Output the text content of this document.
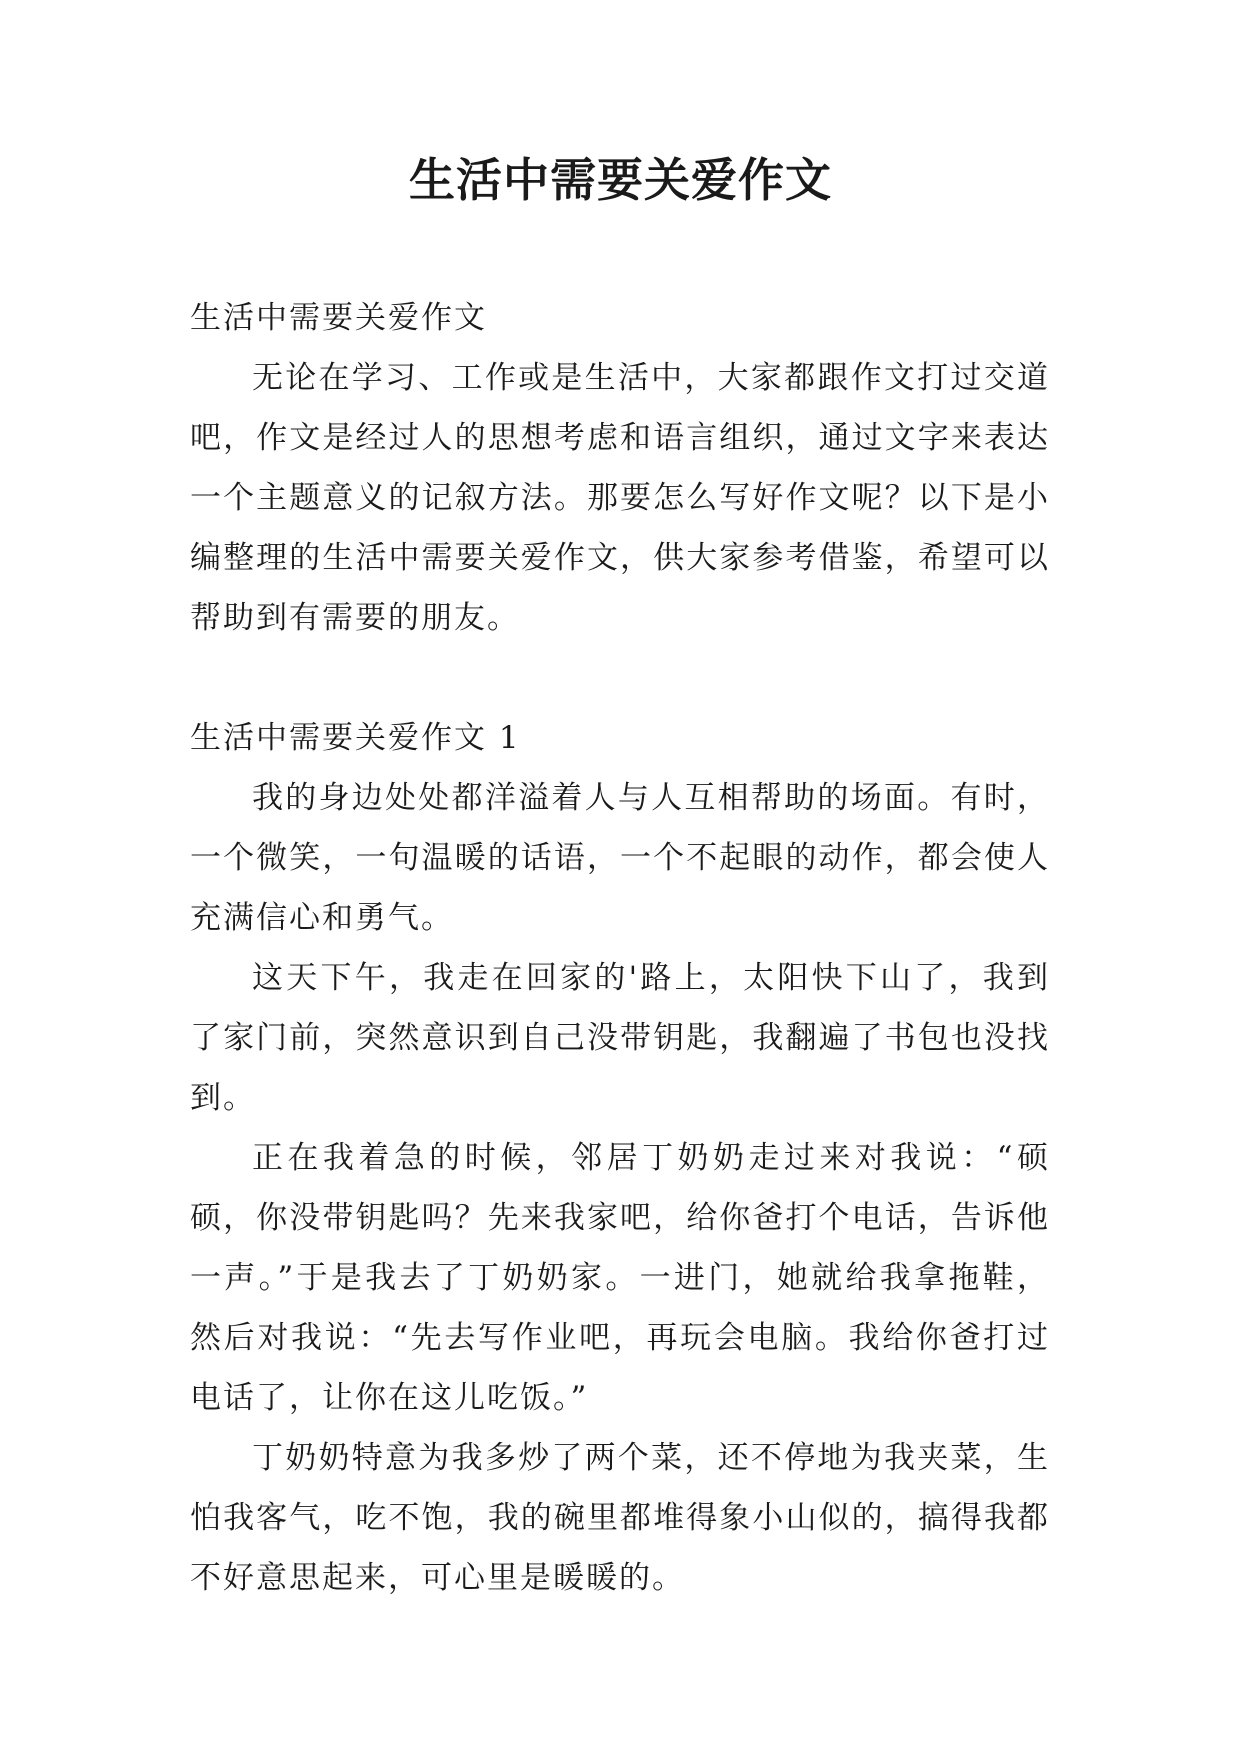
生活中需要关爱作文

生活中需要关爱作文

无论在学习、工作或是生活中，大家都跟作文打过交道吧，作文是经过人的思想考虑和语言组织，通过文字来表达一个主题意义的记叙方法。那要怎么写好作文呢？以下是小编整理的生活中需要关爱作文，供大家参考借鉴，希望可以帮助到有需要的朋友。

生活中需要关爱作文 1

我的身边处处都洋溢着人与人互相帮助的场面。有时，一个微笑，一句温暖的话语，一个不起眼的动作，都会使人充满信心和勇气。

这天下午，我走在回家的'路上，太阳快下山了，我到了家门前，突然意识到自己没带钥匙，我翻遍了书包也没找到。

正在我着急的时候，邻居丁奶奶走过来对我说：“硕硕，你没带钥匙吗？先来我家吧，给你爸打个电话，告诉他一声。”于是我去了丁奶奶家。一进门，她就给我拿拖鞋，然后对我说：“先去写作业吧，再玩会电脑。我给你爸打过电话了，让你在这儿吃饭。”

丁奶奶特意为我多炒了两个菜，还不停地为我夹菜，生怕我客气，吃不饱，我的碗里都堆得象小山似的，搞得我都不好意思起来，可心里是暖暖的。
